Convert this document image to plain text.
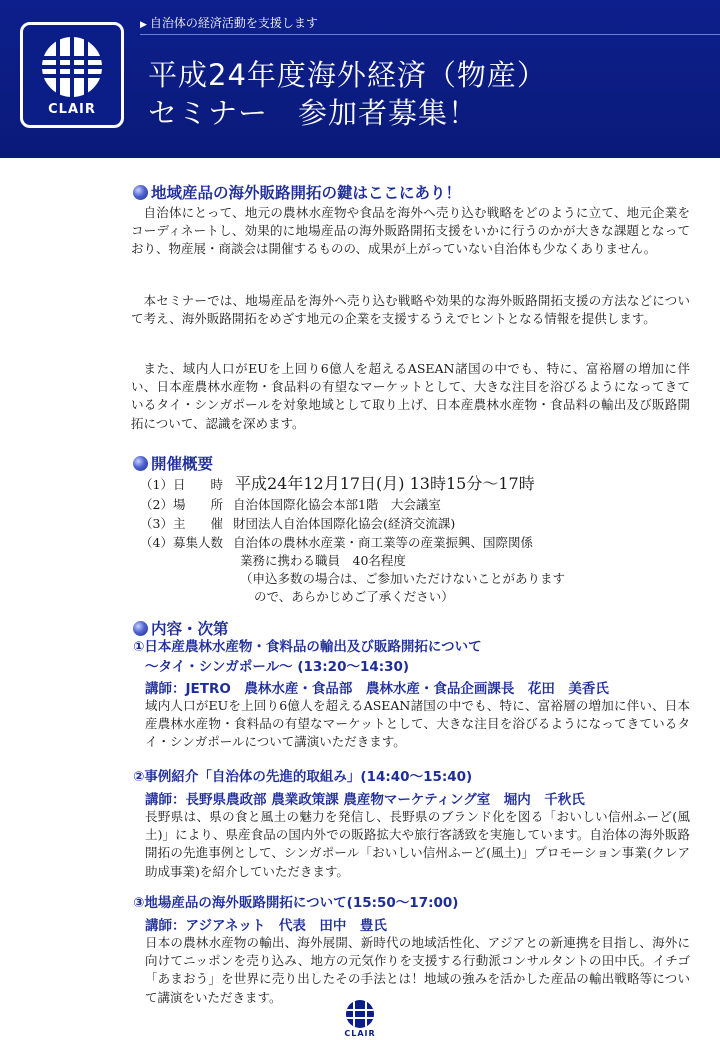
▶ 自治体の経済活動を支援します
CLAIR
平成24年度海外経済（物産）
セミナー　参加者募集！
地域産品の海外販路開拓の鍵はここにあり！
自治体にとって、地元の農林水産物や食品を海外へ売り込む戦略をどのように立て、地元企業をコーディネートし、効果的に地場産品の海外販路開拓支援をいかに行うのかが大きな課題となっており、物産展・商談会は開催するものの、成果が上がっていない自治体も少なくありません。
本セミナーでは、地場産品を海外へ売り込む戦略や効果的な海外販路開拓支援の方法などについて考え、海外販路開拓をめざす地元の企業を支援するうえでヒントとなる情報を提供します。
また、域内人口がEUを上回り6億人を超えるASEAN諸国の中でも、特に、富裕層の増加に伴い、日本産農林水産物・食品料の有望なマーケットとして、大きな注目を浴びるようになってきているタイ・シンガポールを対象地域として取り上げ、日本産農林水産物・食品料の輸出及び販路開拓について、認識を深めます。
開催概要
（1）日　　時 平成24年12月17日(月) 13時15分～17時
（2）場　　所 自治体国際化協会本部1階　大会議室
（3）主　　催 財団法人自治体国際化協会(経済交流課)
（4）募集人数 自治体の農林水産業・商工業等の産業振興、国際関係
業務に携わる職員　40名程度
（申込多数の場合は、ご参加いただけないことがあります
ので、あらかじめご了承ください）
内容・次第
①日本産農林水産物・食料品の輸出及び販路開拓について
～タイ・シンガポール～ (13:20～14:30)
講師：JETRO　農林水産・食品部　農林水産・食品企画課長　花田　美香氏
域内人口がEUを上回り6億人を超えるASEAN諸国の中でも、特に、富裕層の増加に伴い、日本産農林水産物・食料品の有望なマーケットとして、大きな注目を浴びるようになってきているタイ・シンガポールについて講演いただきます。
②事例紹介「自治体の先進的取組み」(14:40～15:40)
講師：長野県農政部 農業政策課 農産物マーケティング室　堀内　千秋氏
長野県は、県の食と風土の魅力を発信し、長野県のブランド化を図る「おいしい信州ふーど(風土)」により、県産食品の国内外での販路拡大や旅行客誘致を実施しています。自治体の海外販路開拓の先進事例として、シンガポール「おいしい信州ふーど(風土)」プロモーション事業(クレア助成事業)を紹介していただきます。
③地場産品の海外販路開拓について(15:50～17:00)
講師：アジアネット　代表　田中　豊氏
日本の農林水産物の輸出、海外展開、新時代の地域活性化、アジアとの新連携を目指し、海外に向けてニッポンを売り込み、地方の元気作りを支援する行動派コンサルタントの田中氏。イチゴ「あまおう」を世界に売り出したその手法とは！地域の強みを活かした産品の輸出戦略等について講演をいただきます。
CLAIR
